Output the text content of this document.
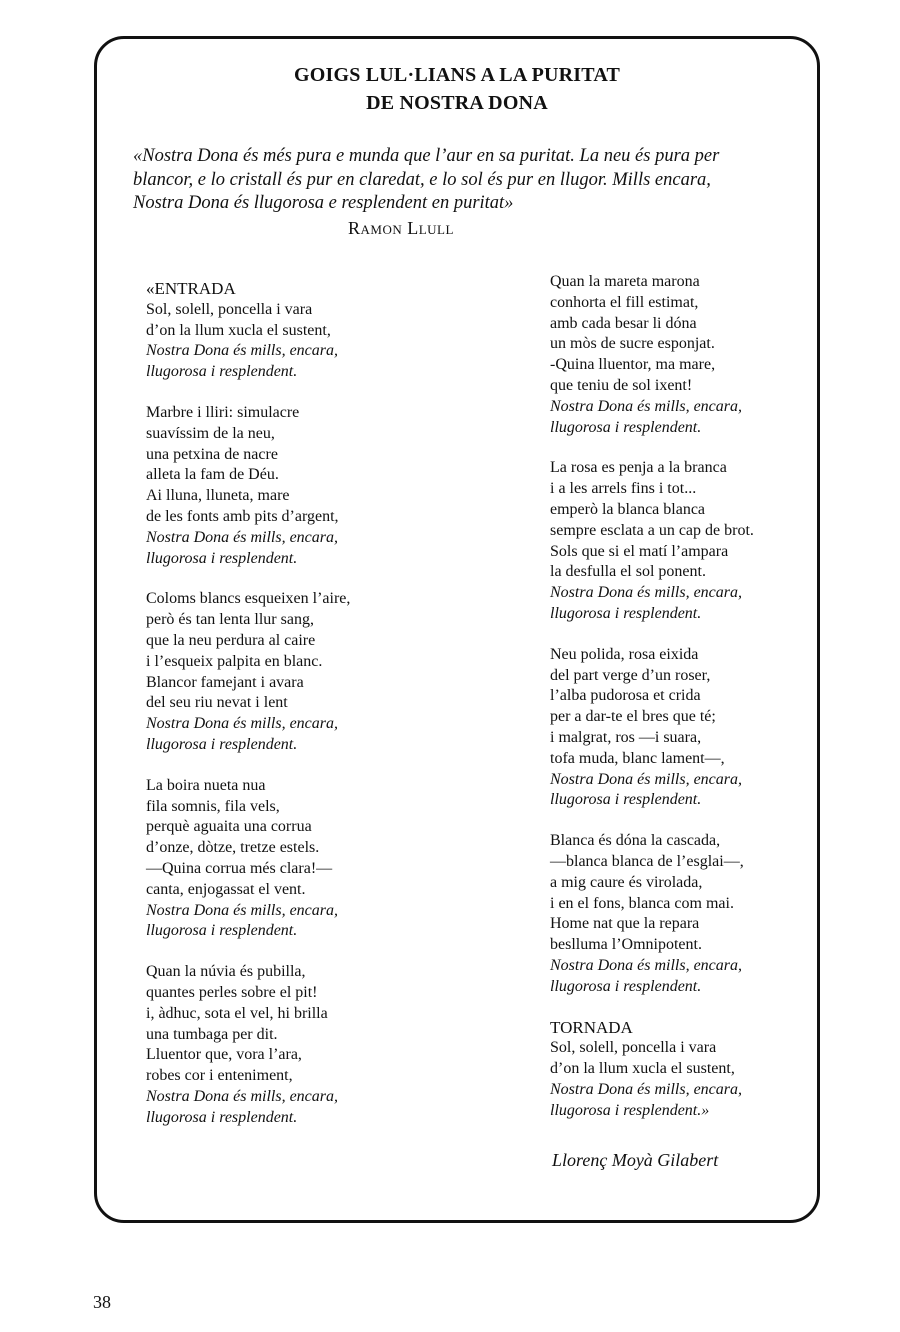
GOIGS LUL·LIANS A LA PURITAT
DE NOSTRA DONA
«Nostra Dona és més pura e munda que l’aur en sa puritat. La neu és pura per
blancor, e lo cristall és pur en claredat, e lo sol és pur en llugor. Mills encara,
Nostra Dona és llugorosa e resplendent en puritat»
Ramon Llull
«ENTRADA
Sol, solell, poncella i vara
d’on la llum xucla el sustent,
Nostra Dona és mills, encara,
llugorosa i resplendent.
Marbre i lliri: simulacre
suavíssim de la neu,
una petxina de nacre
alleta la fam de Déu.
Ai lluna, lluneta, mare
de les fonts amb pits d’argent,
Nostra Dona és mills, encara,
llugorosa i resplendent.
Coloms blancs esqueixen l’aire,
però és tan lenta llur sang,
que la neu perdura al caire
i l’esqueix palpita en blanc.
Blancor famejant i avara
del seu riu nevat i lent
Nostra Dona és mills, encara,
llugorosa i resplendent.
La boira nueta nua
fila somnis, fila vels,
perquè aguaita una corrua
d’onze, dòtze, tretze estels.
—Quina corrua més clara!—
canta, enjogassat el vent.
Nostra Dona és mills, encara,
llugorosa i resplendent.
Quan la núvia és pubilla,
quantes perles sobre el pit!
i, àdhuc, sota el vel, hi brilla
una tumbaga per dit.
Lluentor que, vora l’ara,
robes cor i enteniment,
Nostra Dona és mills, encara,
llugorosa i resplendent.
Quan la mareta marona
conhorta el fill estimat,
amb cada besar li dóna
un mòs de sucre esponjat.
-Quina lluentor, ma mare,
que teniu de sol ixent!
Nostra Dona és mills, encara,
llugorosa i resplendent.
La rosa es penja a la branca
i a les arrels fins i tot...
emperò la blanca blanca
sempre esclata a un cap de brot.
Sols que si el matí l’ampara
la desfulla el sol ponent.
Nostra Dona és mills, encara,
llugorosa i resplendent.
Neu polida, rosa eixida
del part verge d’un roser,
l’alba pudorosa et crida
per a dar-te el bres que té;
i malgrat, ros —i suara,
tofa muda, blanc lament—,
Nostra Dona és mills, encara,
llugorosa i resplendent.
Blanca és dóna la cascada,
—blanca blanca de l’esglai—,
a mig caure és virolada,
i en el fons, blanca com mai.
Home nat que la repara
beslluma l’Omnipotent.
Nostra Dona és mills, encara,
llugorosa i resplendent.
TORNADA
Sol, solell, poncella i vara
d’on la llum xucla el sustent,
Nostra Dona és mills, encara,
llugorosa i resplendent.»
Llorenç Moyà Gilabert
38
